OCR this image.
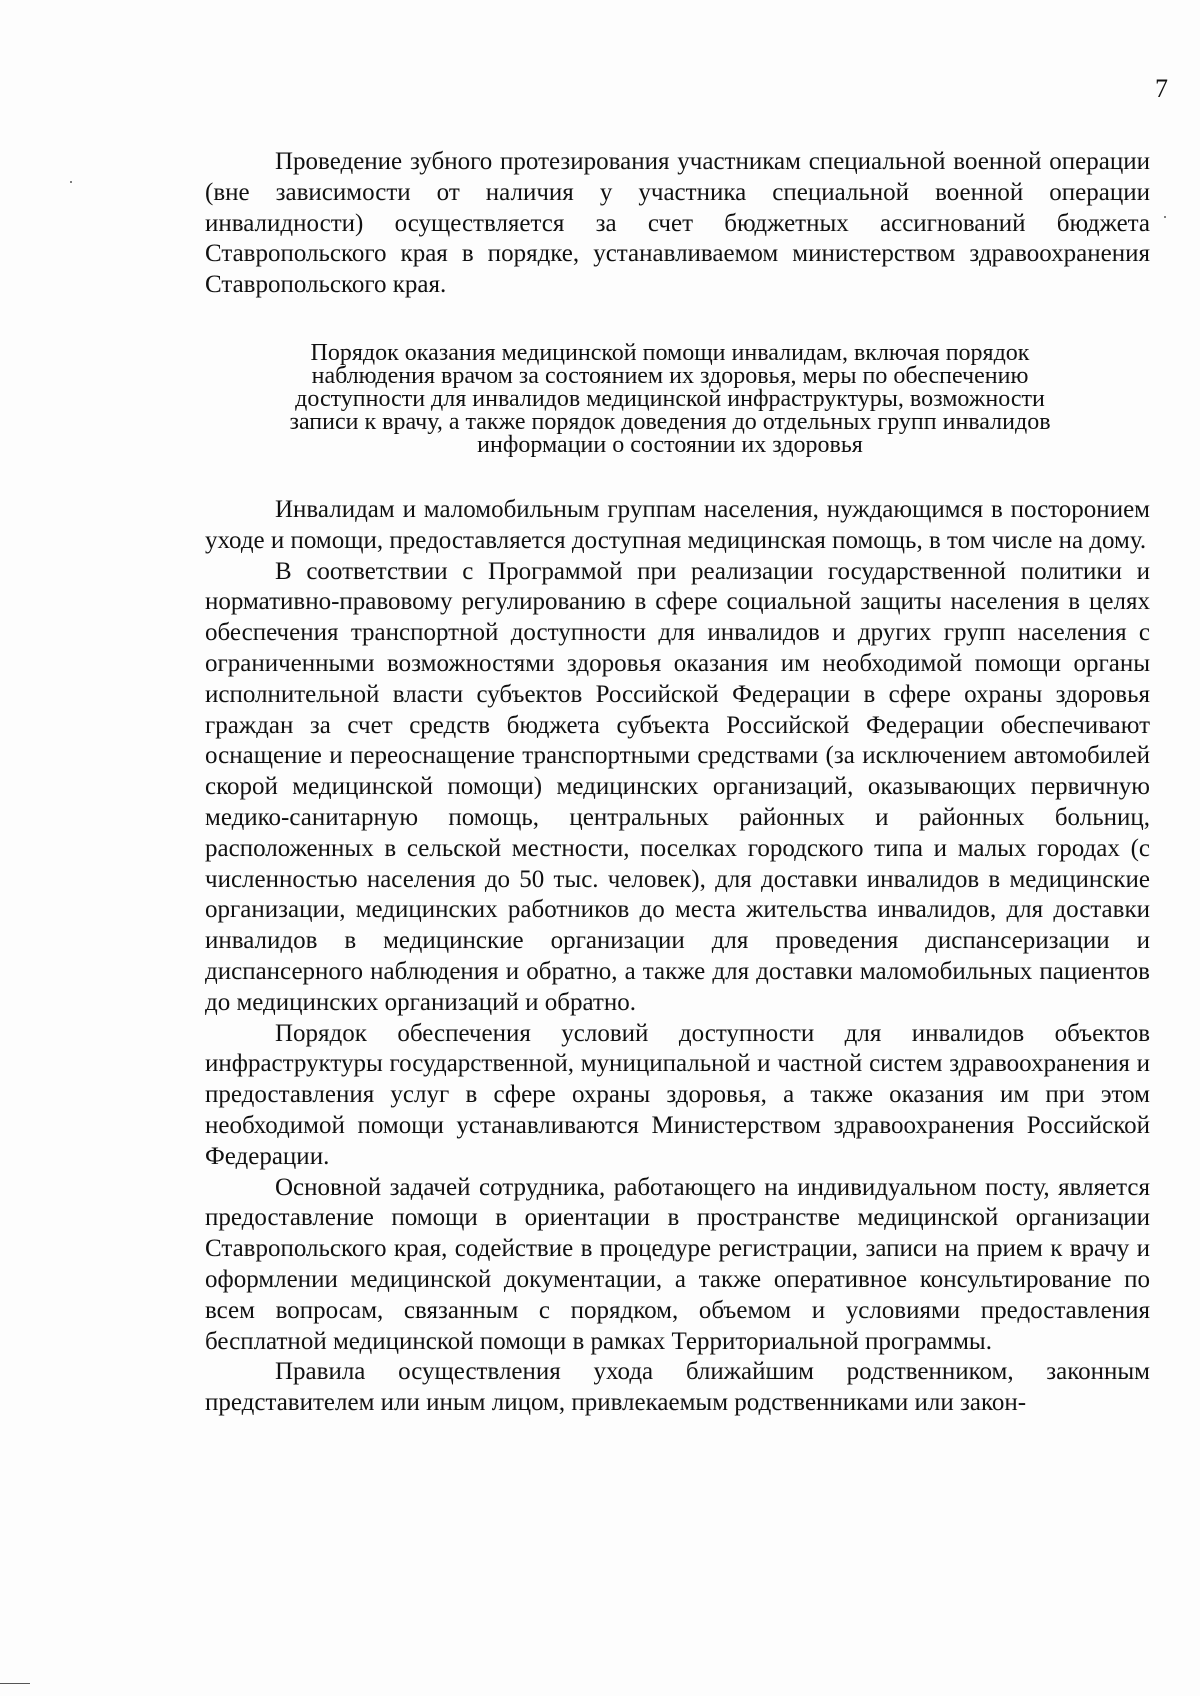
7

Проведение зубного протезирования участникам специальной военной операции (вне зависимости от наличия у участника специальной военной операции инвалидности) осуществляется за счет бюджетных ассигнований бюджета Ставропольского края в порядке, устанавливаемом министерством здравоохранения Ставропольского края.

Порядок оказания медицинской помощи инвалидам, включая порядок
наблюдения врачом за состоянием их здоровья, меры по обеспечению
доступности для инвалидов медицинской инфраструктуры, возможности
записи к врачу, а также порядок доведения до отдельных групп инвалидов
информации о состоянии их здоровья

Инвалидам и маломобильным группам населения, нуждающимся в посторонием уходе и помощи, предоставляется доступная медицинская помощь, в том числе на дому.

В соответствии с Программой при реализации государственной политики и нормативно-правовому регулированию в сфере социальной защиты населения в целях обеспечения транспортной доступности для инвалидов и других групп населения с ограниченными возможностями здоровья оказания им необходимой помощи органы исполнительной власти субъектов Российской Федерации в сфере охраны здоровья граждан за счет средств бюджета субъекта Российской Федерации обеспечивают оснащение и переоснащение транспортными средствами (за исключением автомобилей скорой медицинской помощи) медицинских организаций, оказывающих первичную медико-санитарную помощь, центральных районных и районных больниц, расположенных в сельской местности, поселках городского типа и малых городах (с численностью населения до 50 тыс. человек), для доставки инвалидов в медицинские организации, медицинских работников до места жительства инвалидов, для доставки инвалидов в медицинские организации для проведения диспансеризации и диспансерного наблюдения и обратно, а также для доставки маломобильных пациентов до медицинских организаций и обратно.

Порядок обеспечения условий доступности для инвалидов объектов инфраструктуры государственной, муниципальной и частной систем здравоохранения и предоставления услуг в сфере охраны здоровья, а также оказания им при этом необходимой помощи устанавливаются Министерством здравоохранения Российской Федерации.

Основной задачей сотрудника, работающего на индивидуальном посту, является предоставление помощи в ориентации в пространстве медицинской организации Ставропольского края, содействие в процедуре регистрации, записи на прием к врачу и оформлении медицинской документации, а также оперативное консультирование по всем вопросам, связанным с порядком, объемом и условиями предоставления бесплатной медицинской помощи в рамках Территориальной программы.

Правила осуществления ухода ближайшим родственником, законным представителем или иным лицом, привлекаемым родственниками или закон-
